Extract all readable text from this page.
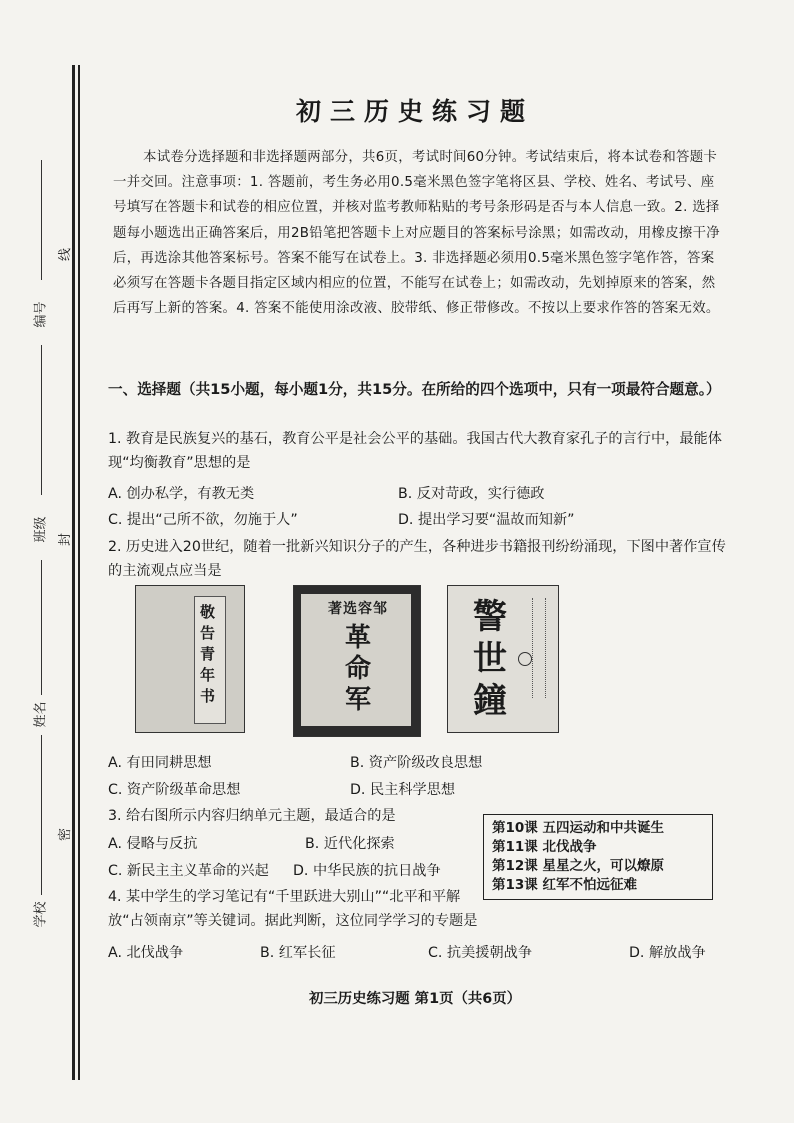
编号
班级
姓名
学校
线
封
密
初三历史练习题
本试卷分选择题和非选择题两部分，共6页，考试时间60分钟。考试结束后，将本试卷和答题卡一并交回。注意事项：1. 答题前，考生务必用0.5毫米黑色签字笔将区县、学校、姓名、考试号、座号填写在答题卡和试卷的相应位置，并核对监考教师粘贴的考号条形码是否与本人信息一致。2. 选择题每小题选出正确答案后，用2B铅笔把答题卡上对应题目的答案标号涂黑；如需改动，用橡皮擦干净后，再选涂其他答案标号。答案不能写在试卷上。3. 非选择题必须用0.5毫米黑色签字笔作答，答案必须写在答题卡各题目指定区域内相应的位置，不能写在试卷上；如需改动，先划掉原来的答案，然后再写上新的答案。4. 答案不能使用涂改液、胶带纸、修正带修改。不按以上要求作答的答案无效。
一、选择题（共15小题，每小题1分，共15分。在所给的四个选项中，只有一项最符合题意。）
1. 教育是民族复兴的基石，教育公平是社会公平的基础。我国古代大教育家孔子的言行中，最能体现“均衡教育”思想的是
A. 创办私学，有教无类	B. 反对苛政，实行德政
C. 提出“己所不欲，勿施于人”	D. 提出学习要“温故而知新”
2. 历史进入20世纪，随着一批新兴知识分子的产生，各种进步书籍报刊纷纷涌现，下图中著作宣传的主流观点应当是
敬告青年书
著选容邹
革命军
警世鐘
A. 有田同耕思想	B. 资产阶级改良思想
C. 资产阶级革命思想	D. 民主科学思想
3. 给右图所示内容归纳单元主题，最适合的是
A. 侵略与反抗	B. 近代化探索
C. 新民主主义革命的兴起 D. 中华民族的抗日战争
第10课 五四运动和中共诞生
第11课 北伐战争
第12课 星星之火，可以燎原
第13课 红军不怕远征难
4. 某中学生的学习笔记有“千里跃进大别山”“北平和平解放“占领南京”等关键词。据此判断，这位同学学习的专题是
A. 北伐战争	B. 红军长征	C. 抗美援朝战争	D. 解放战争
初三历史练习题 第1页（共6页）
